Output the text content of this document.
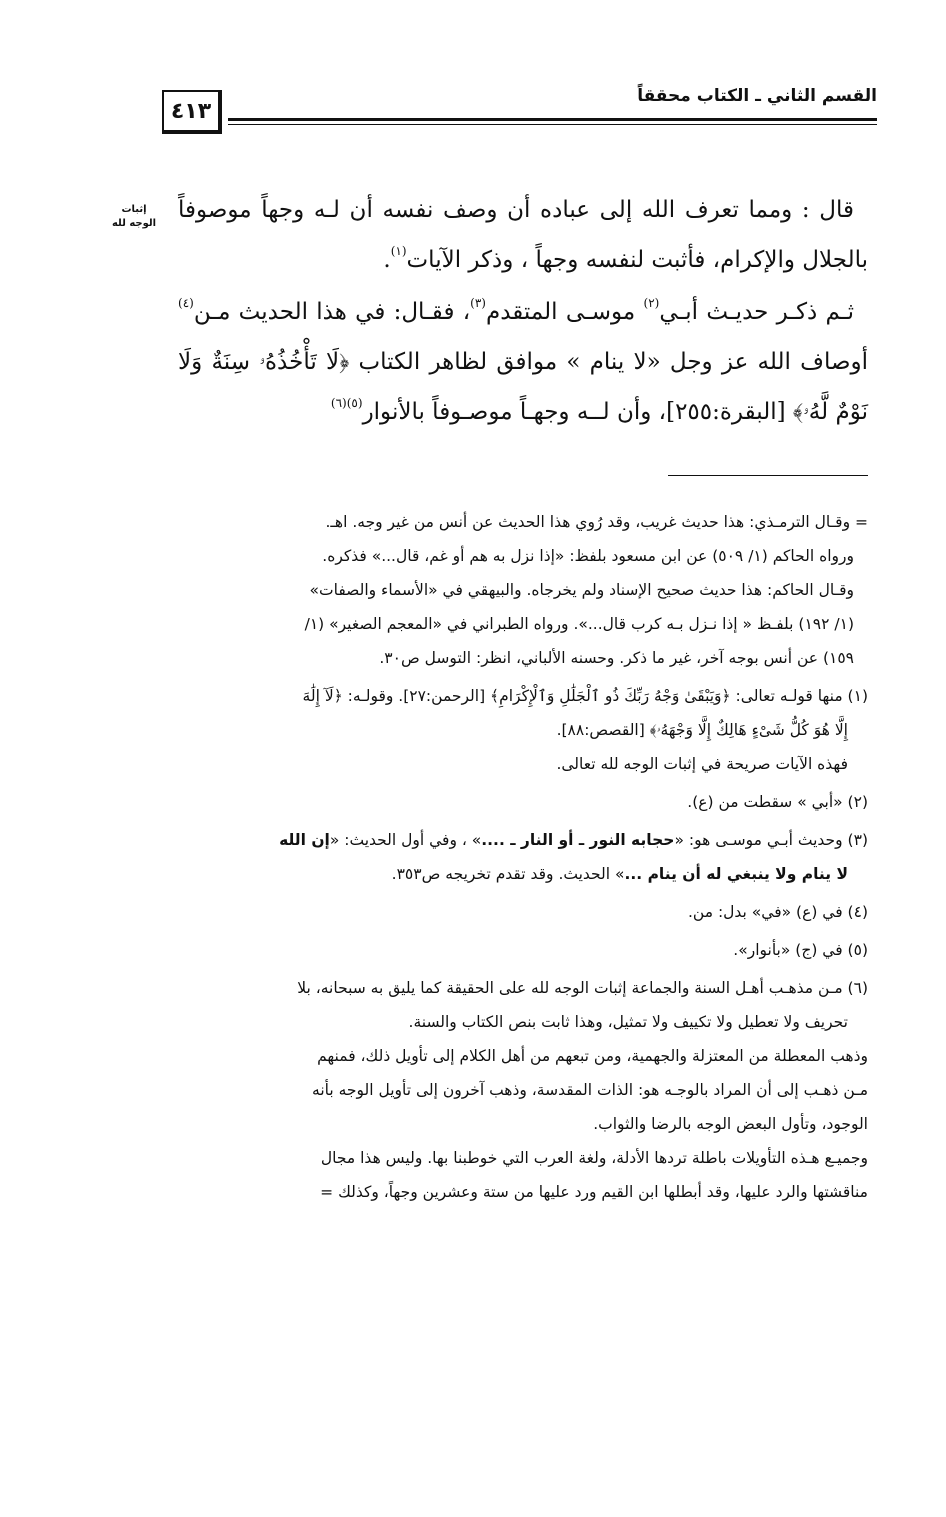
القسم الثاني ـ الكتاب محققاً
٤١٣
إثبات
الوجه لله

قال : ومما تعرف الله إلى عباده أن وصف نفسه أن لـه وجهاً موصوفاً بالجلال والإكرام، فأثبت لنفسه وجهاً ، وذكر الآيات$^{(١)}$.

ثـم ذكـر حديـث أبـي$^{(٢)}$ موسـى المتقدم$^{(٣)}$، فقـال: في هذا الحديث مـن$^{(٤)}$ أوصاف الله عز وجل «لا ينام » موافق لظاهر الكتاب ﴿لَا تَأْخُذُهُۥ سِنَةٌ وَلَا نَوْمٌ لَّهُۥ﴾ [البقرة:٢٥٥]، وأن لــه وجهـاً موصـوفاً بالأنوار$^{(٥)(٦)}$

= وقـال الترمـذي: هذا حديث غريب، وقد رُوي هذا الحديث عن أنس من غير وجه. اهـ.
ورواه الحاكم (١/ ٥٠٩) عن ابن مسعود بلفظ: «إذا نزل به هم أو غم، قال...» فذكره.
وقـال الحاكم: هذا حديث صحيح الإسناد ولم يخرجاه. والبيهقي في «الأسماء والصفات»
(١/ ١٩٢) بلفـظ « إذا نـزل بـه كرب قال...». ورواه الطبراني في «المعجم الصغير» (١/
١٥٩) عن أنس بوجه آخر، غير ما ذكر. وحسنه الألباني، انظر: التوسل ص٣٠.
(١) منها قولـه تعالى: ﴿وَيَبْقَىٰ وَجْهُ رَبِّكَ ذُو ٱلْجَلَٰلِ وَٱلْإِكْرَامِ﴾ [الرحمن:٢٧]. وقولـه: ﴿لَآ إِلَٰهَ
إِلَّا هُوَ كُلُّ شَىْءٍ هَالِكٌ إِلَّا وَجْهَهُۥ﴾ [القصص:٨٨].
فهذه الآيات صريحة في إثبات الوجه لله تعالى.
(٢) «أبي » سقطت من (ع).
(٣) وحديث أبـي موسـى هو: «حجابه النور ـ أو النار ـ ....» ، وفي أول الحديث: «إن الله
لا ينام ولا ينبغي له أن ينام ...» الحديث. وقد تقدم تخريجه ص٣٥٣.
(٤) في (ع) «في» بدل: من.
(٥) في (ج) «بأنوار».
(٦) مـن مذهـب أهـل السنة والجماعة إثبات الوجه لله على الحقيقة كما يليق به سبحانه، بلا
تحريف ولا تعطيل ولا تكييف ولا تمثيل، وهذا ثابت بنص الكتاب والسنة.
وذهب المعطلة من المعتزلة والجهمية، ومن تبعهم من أهل الكلام إلى تأويل ذلك، فمنهم
مـن ذهـب إلى أن المراد بالوجـه هو: الذات المقدسة، وذهب آخرون إلى تأويل الوجه بأنه
الوجود، وتأول البعض الوجه بالرضا والثواب.
وجميـع هـذه التأويلات باطلة تردها الأدلة، ولغة العرب التي خوطبنا بها. وليس هذا مجال
مناقشتها والرد عليها، وقد أبطلها ابن القيم ورد عليها من ستة وعشرين وجهاً، وكذلك =
